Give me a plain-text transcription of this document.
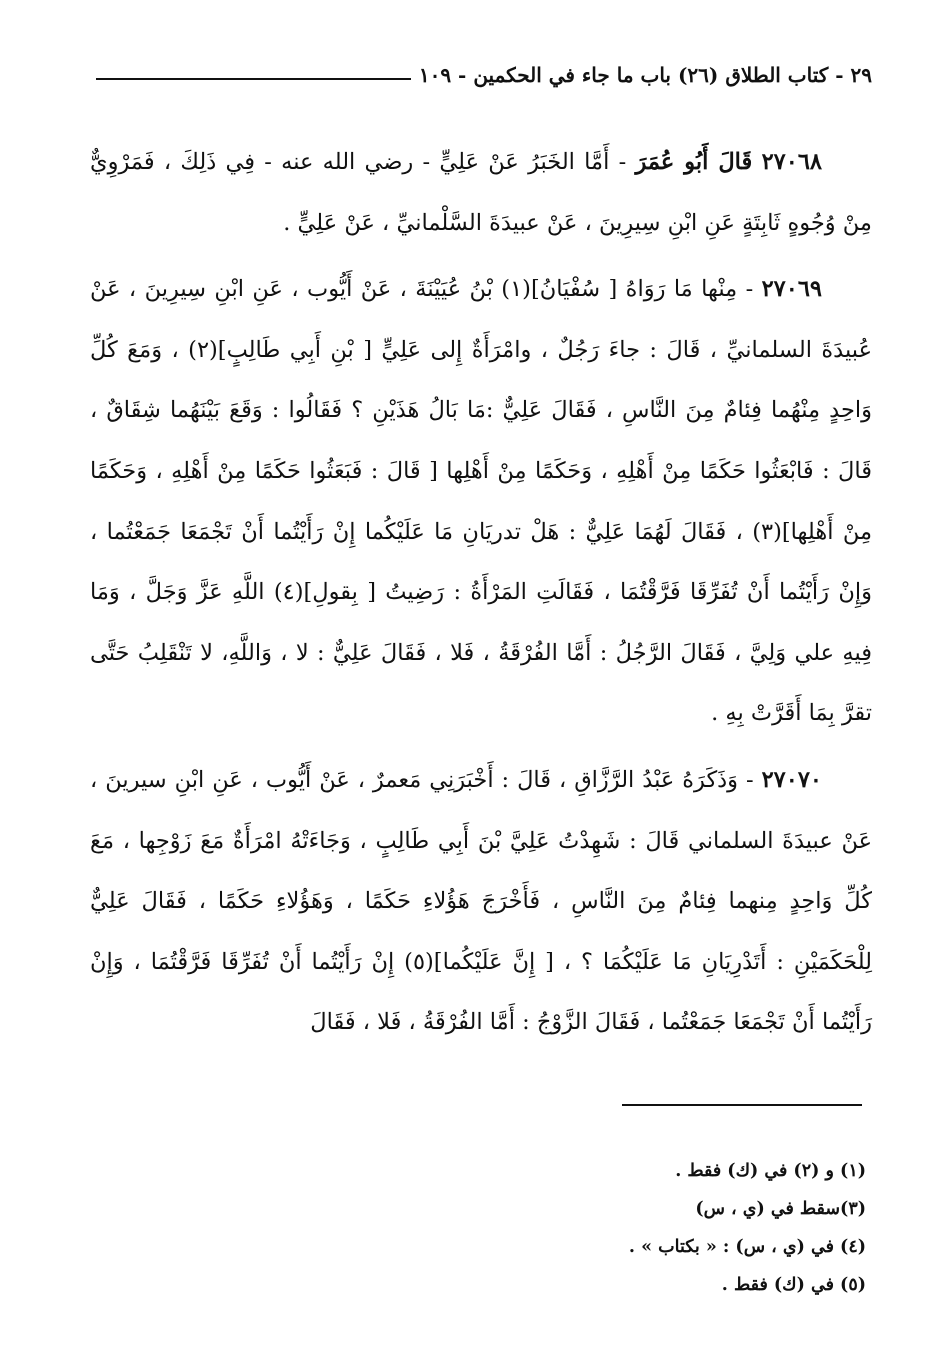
٢٩ - كتاب الطلاق (٢٦) باب ما جاء في الحكمين - ١٠٩

٢٧٠٦٨ قَالَ أَبُو عُمَرَ - أَمَّا الخَبَرُ عَنْ عَلِيٍّ - رضي الله عنه - فِي ذَلِكَ ، فَمَرْوِيٌّ مِنْ وُجُوهٍ ثَابِتَةٍ عَنِ ابْنِ سِيرِينَ ، عَنْ عبيدَةَ السَّلْمانيِّ ، عَنْ عَلِيٍّ .

٢٧٠٦٩ - مِنْها مَا رَوَاهُ [ سُفْيَانُ](١) بْنُ عُيَيْنَةَ ، عَنْ أَيُّوب ، عَنِ ابْنِ سِيرِينَ ، عَنْ عُبيدَةَ السلمانيِّ ، قَالَ : جاءَ رَجُلٌ ، وامْرَأَةٌ إِلى عَلِيٍّ [ بْنِ أَبِي طَالِبٍ](٢) ، وَمَعَ كُلِّ وَاحِدٍ مِنْهُما فِئامٌ مِنَ النَّاسِ ، فَقَالَ عَلِيٌّ :مَا بَالُ هَذَيْنِ ؟ فَقَالُوا : وَقَعَ بَيْنَهُما شِقَاقٌ ، قَالَ : فَابْعَثُوا حَكَمًا مِنْ أَهْلِهِ ، وَحَكَمًا مِنْ أَهْلِها [ قَالَ : فَبَعَثُوا حَكَمًا مِنْ أَهْلِهِ ، وَحَكَمًا مِنْ أَهْلِها](٣) ، فَقَالَ لَهُمَا عَلِيٌّ : هَلْ تدريَانِ مَا عَلَيْكُما إِنْ رَأَيْتُما أَنْ تَجْمَعَا جَمَعْتُما ، وَإِنْ رَأَيْتُما أَنْ تُفَرِّقَا فَرَّقْتُمَا ، فَقَالَتِ المَرْأَةُ : رَضِيتُ [ بِقولِ](٤) اللَّهِ عَزَّ وَجَلَّ ، وَمَا فِيهِ علي وَلِيَّ ، فَقَالَ الرَّجُلُ : أَمَّا الفُرْقَةُ ، فَلا ، فَقَالَ عَلِيٌّ : لا ، وَاللَّهِ، لا تَنْقَلِبُ حَتَّى تقرَّ بِمَا أَقَرَّتْ بِهِ .

٢٧٠٧٠ - وَذَكَرَهُ عَبْدُ الرَّزَّاقِ ، قَالَ : أَخْبَرَنِي مَعمرٌ ، عَنْ أَيُّوب ، عَنِ ابْنِ سيرينَ ، عَنْ عبيدَةَ السلماني قَالَ : شَهِدْتُ عَلِيَّ بْنَ أَبِي طَالِبٍ ، وَجَاءَتْهُ امْرَأَةٌ مَعَ زَوْجِها ، مَعَ كُلِّ وَاحِدٍ مِنهما فِئامٌ مِنَ النَّاسِ ، فَأَخْرَجَ هَؤُلاءِ حَكَمًا ، وَهَؤُلاءِ حَكَمًا ، فَقَالَ عَلِيٌّ لِلْحَكَمَيْنِ : أَتَدْرِيَانِ مَا عَلَيْكُمَا ؟ ، [ إِنَّ عَلَيْكُما](٥) إِنْ رَأَيْتُما أَنْ تُفَرِّقَا فَرَّقْتُمَا ، وَإِنْ رَأَيْتُما أَنْ تَجْمَعَا جَمَعْتُما ، فَقَالَ الزَّوْجُ : أَمَّا الفُرْقَةُ ، فَلا ، فَقَالَ

(١) و (٢) في (ك) فقط .

(٣)سقط في (ي ، س)

(٤) في (ي ، س) : « بكتاب » .

(٥) في (ك) فقط .
